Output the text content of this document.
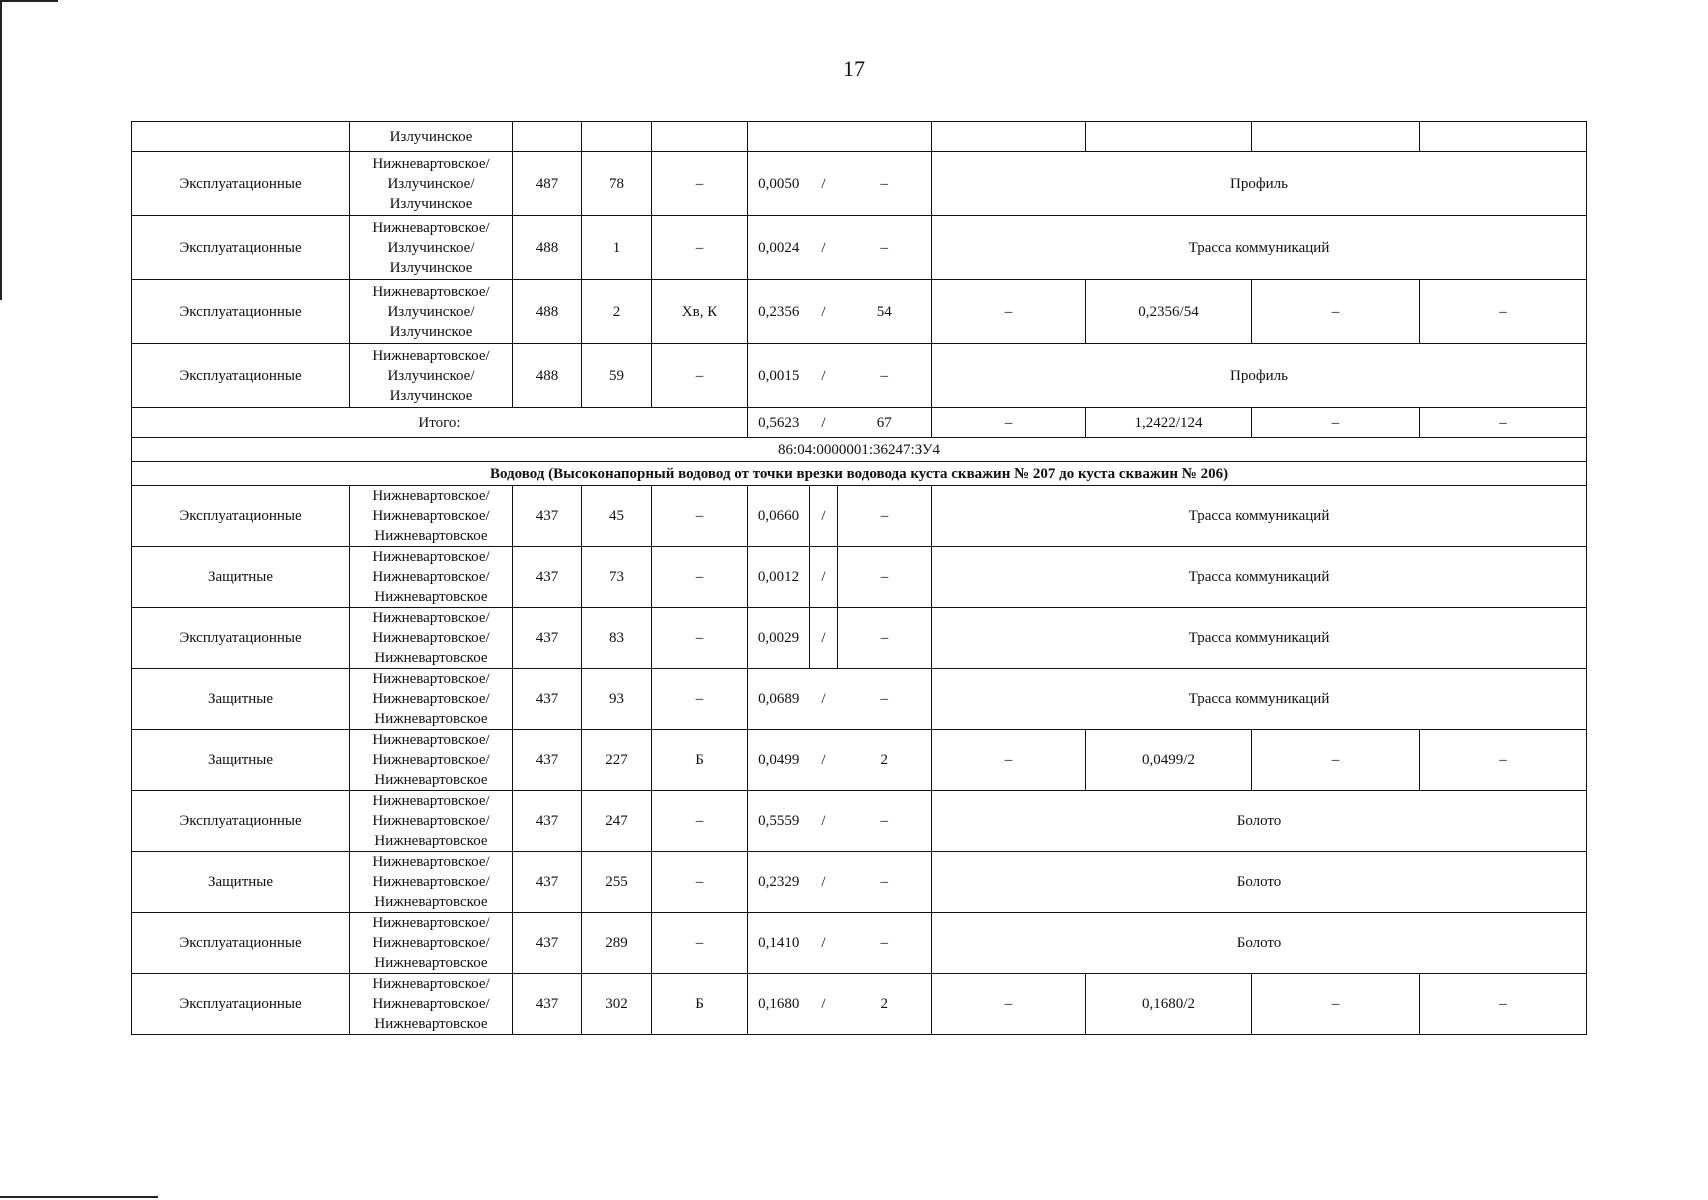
17
	Излучинское										
Эксплуатационные	Нижневартовское/
Излучинское/
Излучинское	487	78	–	0,0050	/	–	Профиль			
Эксплуатационные	Нижневартовское/
Излучинское/
Излучинское	488	1	–	0,0024	/	–	Трасса коммуникаций			
Эксплуатационные	Нижневартовское/
Излучинское/
Излучинское	488	2	Хв, К	0,2356	/	54	–	0,2356/54	–	–
Эксплуатационные	Нижневартовское/
Излучинское/
Излучинское	488	59	–	0,0015	/	–	Профиль			
Итого:					0,5623	/	67	–	1,2422/124	–	–
86:04:0000001:36247:ЗУ4											
Водовод (Высоконапорный водовод от точки врезки водовода куста скважин № 207 до куста скважин № 206)											
Эксплуатационные	Нижневартовское/
Нижневартовское/
Нижневартовское	437	45	–	0,0660	/	–	Трасса коммуникаций			
Защитные	Нижневартовское/
Нижневартовское/
Нижневартовское	437	73	–	0,0012	/	–	Трасса коммуникаций			
Эксплуатационные	Нижневартовское/
Нижневартовское/
Нижневартовское	437	83	–	0,0029	/	–	Трасса коммуникаций			
Защитные	Нижневартовское/
Нижневартовское/
Нижневартовское	437	93	–	0,0689	/	–	Трасса коммуникаций			
Защитные	Нижневартовское/
Нижневартовское/
Нижневартовское	437	227	Б	0,0499	/	2	–	0,0499/2	–	–
Эксплуатационные	Нижневартовское/
Нижневартовское/
Нижневартовское	437	247	–	0,5559	/	–	Болото			
Защитные	Нижневартовское/
Нижневартовское/
Нижневартовское	437	255	–	0,2329	/	–	Болото			
Эксплуатационные	Нижневартовское/
Нижневартовское/
Нижневартовское	437	289	–	0,1410	/	–	Болото			
Эксплуатационные	Нижневартовское/
Нижневартовское/
Нижневартовское	437	302	Б	0,1680	/	2	–	0,1680/2	–	–
